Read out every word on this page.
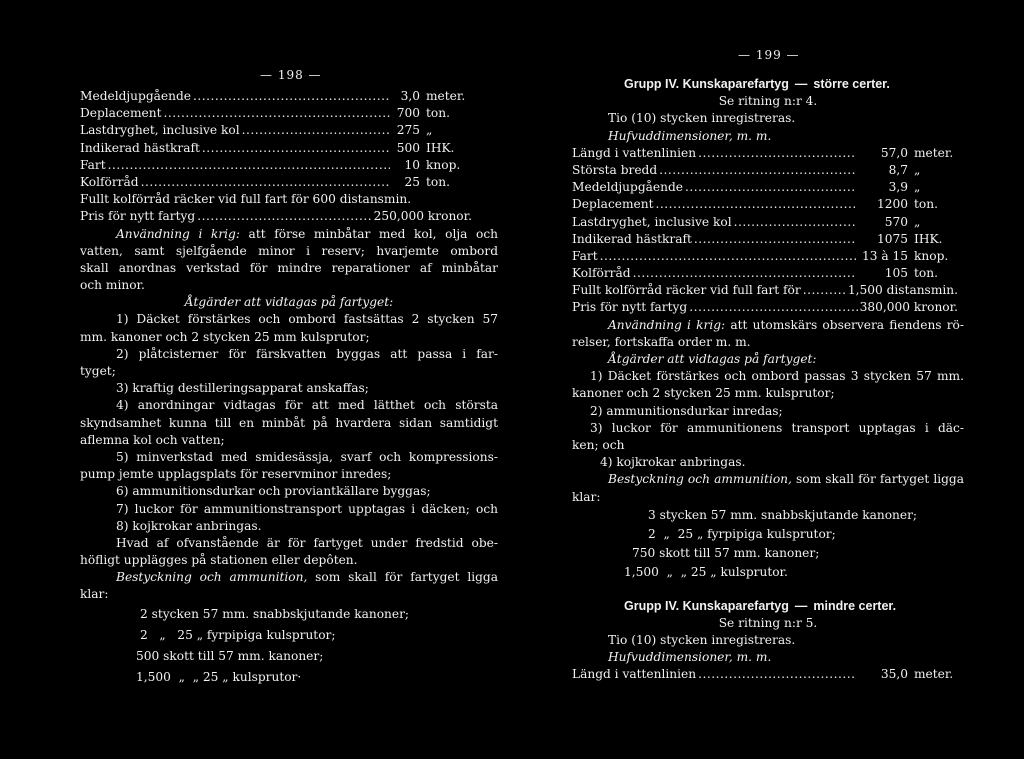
— 198 —
Medeldjupgående .....	3,0 meter.
Deplacement .....	700 ton.
Lastdryghet, inclusive kol .....	275 „
Indikerad hästkraft .....	500 IHK.
Fart .....	10 knop.
Kolförråd .....	25 ton.
Fullt kolförråd räcker vid full fart för 600 distansmin.
Pris för nytt fartyg .....	250,000 kronor.
Användning i krig: att förse minbåtar med kol, olja och
vatten, samt sjelfgående minor i reserv; hvarjemte ombord
skall anordnas verkstad för mindre reparationer af minbåtar
och minor.
Åtgärder att vidtagas på fartyget:
1) Däcket förstärkes och ombord fastsättas 2 stycken 57
mm. kanoner och 2 stycken 25 mm kulsprutor;
2) plåtcisterner för färskvatten byggas att passa i far-
tyget;
3) kraftig destilleringsapparat anskaffas;
4) anordningar vidtagas för att med lätthet och största
skyndsamhet kunna till en minbåt på hvardera sidan samtidigt
aflemna kol och vatten;
5) minverkstad med smidesässja, svarf och kompressions-
pump jemte upplagsplats för reservminor inredes;
6) ammunitionsdurkar och proviantkällare byggas;
7) luckor för ammunitionstransport upptagas i däcken; och
8) kojkrokar anbringas.
Hvad af ofvanstående är för fartyget under fredstid obe-
höfligt upplägges på stationen eller depôten.
Bestyckning och ammunition, som skall för fartyget ligga
klar:
2 stycken 57 mm. snabbskjutande kanoner;
2   „   25 „ fyrpipiga kulsprutor;
500 skott till 57 mm. kanoner;
1,500  „  „ 25 „ kulsprutor·
— 199 —
Grupp IV. Kunskaparefartyg — större certer.
Se ritning n:r 4.
Tio (10) stycken inregistreras.
Hufvuddimensioner, m. m.
Längd i vattenlinien .....	57,0 meter.
Största bredd .....	8,7 „
Medeldjupgående .....	3,9 „
Deplacement .....	1200 ton.
Lastdryghet, inclusive kol .....	570 „
Indikerad hästkraft .....	1075 IHK.
Fart .....	13 à 15 knop.
Kolförråd .....	105 ton.
Fullt kolförråd räcker vid full fart för .....	1,500 distansmin.
Pris för nytt fartyg .....	380,000 kronor.
Användning i krig: att utomskärs observera fiendens rö-
relser, fortskaffa order m. m.
Åtgärder att vidtagas på fartyget:
1) Däcket förstärkes och ombord passas 3 stycken 57 mm.
kanoner och 2 stycken 25 mm. kulsprutor;
2) ammunitionsdurkar inredas;
3) luckor för ammunitionens transport upptagas i däc-
ken; och
4) kojkrokar anbringas.
Bestyckning och ammunition, som skall för fartyget ligga
klar:
3 stycken 57 mm. snabbskjutande kanoner;
2  „  25 „ fyrpipiga kulsprutor;
750 skott till 57 mm. kanoner;
1,500  „  „ 25 „ kulsprutor.
Grupp IV. Kunskaparefartyg — mindre certer.
Se ritning n:r 5.
Tio (10) stycken inregistreras.
Hufvuddimensioner, m. m.
Längd i vattenlinien .....	35,0 meter.
